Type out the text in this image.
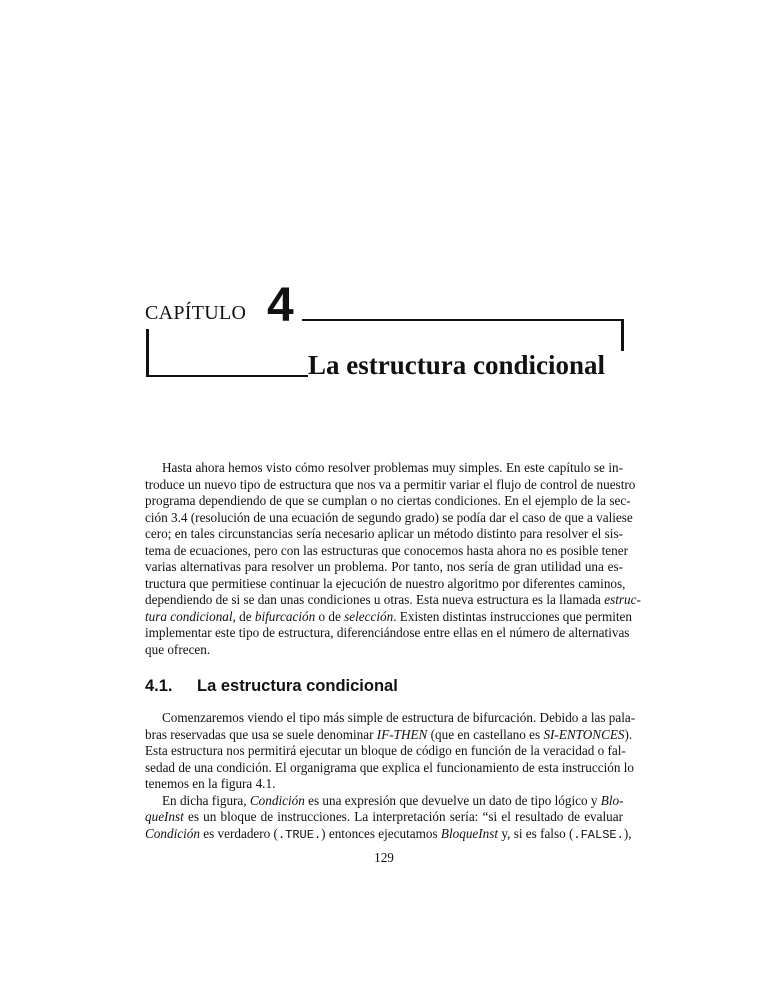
CAPÍTULO 4
La estructura condicional
Hasta ahora hemos visto cómo resolver problemas muy simples. En este capítulo se in-
troduce un nuevo tipo de estructura que nos va a permitir variar el flujo de control de nuestro
programa dependiendo de que se cumplan o no ciertas condiciones. En el ejemplo de la sec-
ción 3.4 (resolución de una ecuación de segundo grado) se podía dar el caso de que a valiese
cero; en tales circunstancias sería necesario aplicar un método distinto para resolver el sis-
tema de ecuaciones, pero con las estructuras que conocemos hasta ahora no es posible tener
varias alternativas para resolver un problema. Por tanto, nos sería de gran utilidad una es-
tructura que permitiese continuar la ejecución de nuestro algoritmo por diferentes caminos,
dependiendo de si se dan unas condiciones u otras. Esta nueva estructura es la llamada estruc-
tura condicional, de bifurcación o de selección. Existen distintas instrucciones que permiten
implementar este tipo de estructura, diferenciándose entre ellas en el número de alternativas
que ofrecen.
4.1. La estructura condicional
Comenzaremos viendo el tipo más simple de estructura de bifurcación. Debido a las pala-
bras reservadas que usa se suele denominar IF-THEN (que en castellano es SI-ENTONCES).
Esta estructura nos permitirá ejecutar un bloque de código en función de la veracidad o fal-
sedad de una condición. El organigrama que explica el funcionamiento de esta instrucción lo
tenemos en la figura 4.1.
En dicha figura, Condición es una expresión que devuelve un dato de tipo lógico y Blo-
queInst es un bloque de instrucciones. La interpretación sería: “si el resultado de evaluar
Condición es verdadero (.TRUE.) entonces ejecutamos BloqueInst y, si es falso (.FALSE.),
129
